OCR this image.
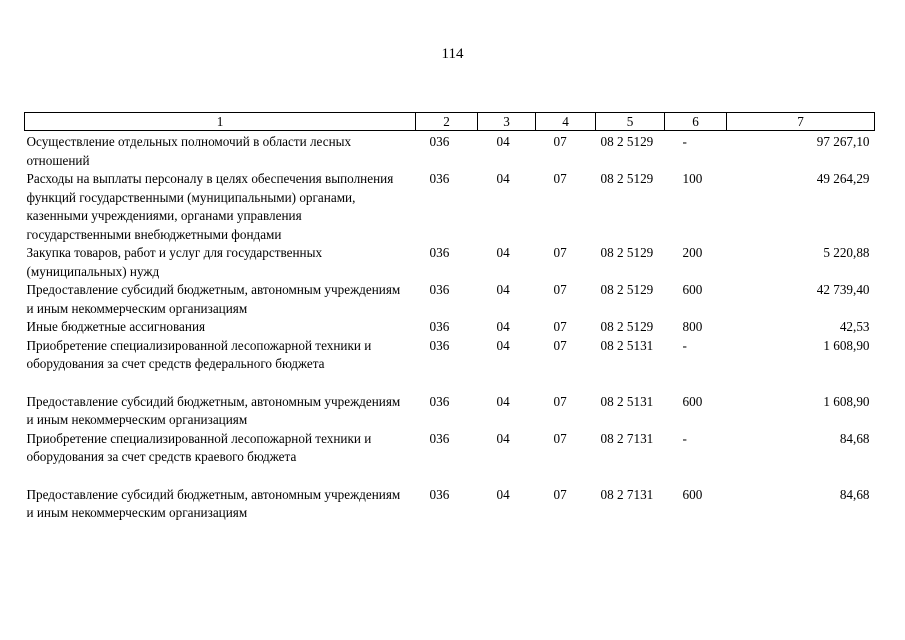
114
1	2	3	4	5	6	7
Осуществление отдельных полномочий в области лесных отношений	036	04	07	08 2 5129	-	97 267,10
Расходы на выплаты персоналу в целях обеспечения выполнения функций государственными (муниципальными) органами, казенными учреждениями, органами управления государственными внебюджетными фондами	036	04	07	08 2 5129	100	49 264,29
Закупка товаров, работ и услуг для государственных (муниципальных) нужд	036	04	07	08 2 5129	200	5 220,88
Предоставление субсидий бюджетным, автономным учреждениям и иным некоммерческим организациям	036	04	07	08 2 5129	600	42 739,40
Иные бюджетные ассигнования	036	04	07	08 2 5129	800	42,53
Приобретение специализированной лесопожарной техники и оборудования за счет средств федерального бюджета	036	04	07	08 2 5131	-	1 608,90

Предоставление субсидий бюджетным, автономным учреждениям и иным некоммерческим организациям	036	04	07	08 2 5131	600	1 608,90
Приобретение специализированной лесопожарной техники и оборудования за счет средств краевого бюджета	036	04	07	08 2 7131	-	84,68

Предоставление субсидий бюджетным, автономным учреждениям и иным некоммерческим организациям	036	04	07	08 2 7131	600	84,68
